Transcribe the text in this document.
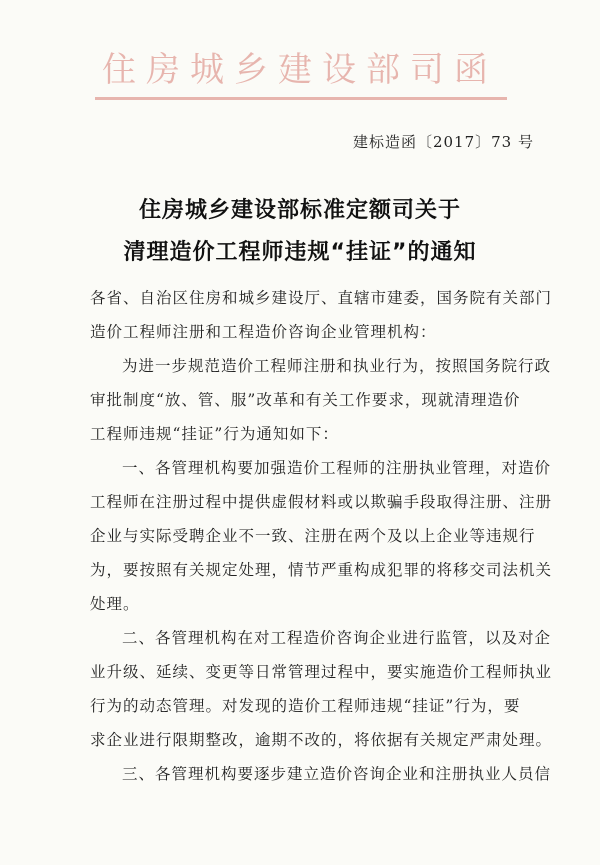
住房城乡建设部司函
建标造函〔2017〕73 号
住房城乡建设部标准定额司关于
清理造价工程师违规“挂证”的通知
各省、自治区住房和城乡建设厅、直辖市建委，国务院有关部门
造价工程师注册和工程造价咨询企业管理机构：
为进一步规范造价工程师注册和执业行为，按照国务院行政
审批制度“放、管、服”改革和有关工作要求，现就清理造价
工程师违规“挂证”行为通知如下：
一、各管理机构要加强造价工程师的注册执业管理，对造价
工程师在注册过程中提供虚假材料或以欺骗手段取得注册、注册
企业与实际受聘企业不一致、注册在两个及以上企业等违规行
为，要按照有关规定处理，情节严重构成犯罪的将移交司法机关
处理。
二、各管理机构在对工程造价咨询企业进行监管，以及对企
业升级、延续、变更等日常管理过程中，要实施造价工程师执业
行为的动态管理。对发现的造价工程师违规“挂证”行为，要
求企业进行限期整改，逾期不改的，将依据有关规定严肃处理。
三、各管理机构要逐步建立造价咨询企业和注册执业人员信
